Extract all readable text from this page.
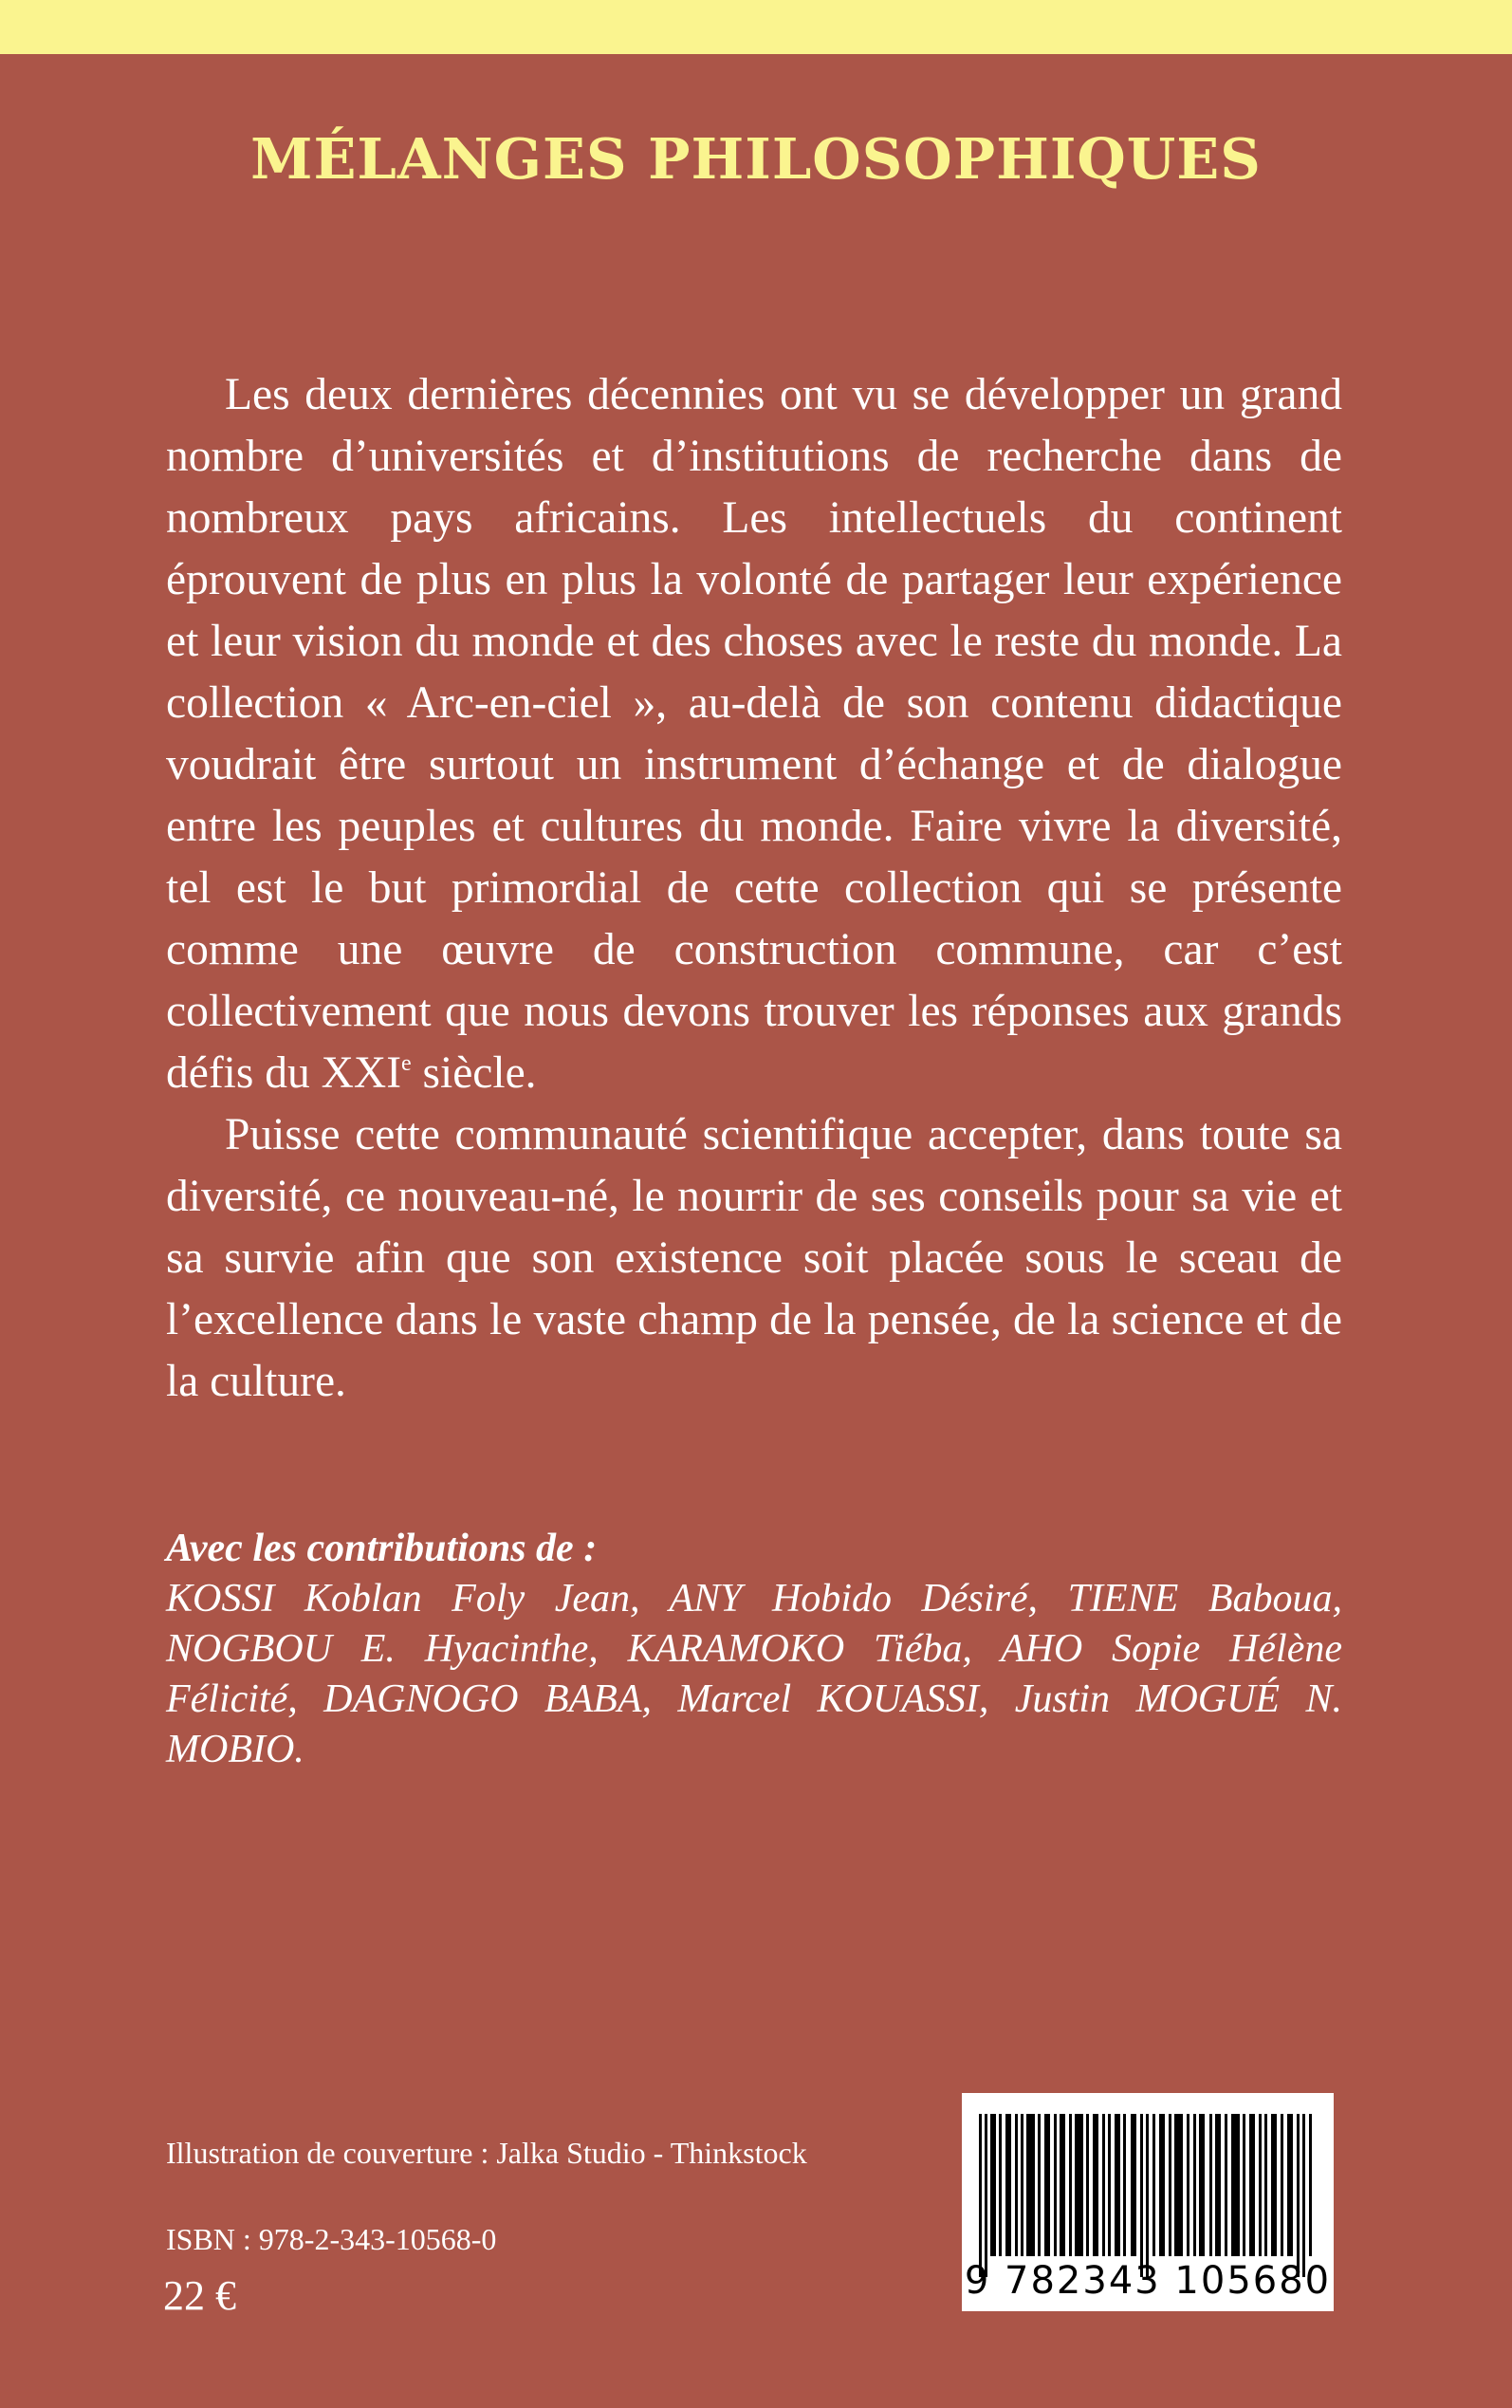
MÉLANGES PHILOSOPHIQUES

Les deux dernières décennies ont vu se développer un grand nombre d’universités et d’institutions de recherche dans de nombreux pays africains. Les intellectuels du continent éprouvent de plus en plus la volonté de partager leur expérience et leur vision du monde et des choses avec le reste du monde. La collection « Arc-en-ciel », au-delà de son contenu didactique voudrait être surtout un instrument d’échange et de dialogue entre les peuples et cultures du monde. Faire vivre la diversité, tel est le but primordial de cette collection qui se présente comme une œuvre de construction commune, car c’est collectivement que nous devons trouver les réponses aux grands défis du XXIe siècle.

Puisse cette communauté scientifique accepter, dans toute sa diversité, ce nouveau-né, le nourrir de ses conseils pour sa vie et sa survie afin que son existence soit placée sous le sceau de l’excellence dans le vaste champ de la pensée, de la science et de la culture.

Avec les contributions de :
KOSSI Koblan Foly Jean, ANY Hobido Désiré, TIENE Baboua, NOGBOU E. Hyacinthe, KARAMOKO Tiéba, AHO Sopie Hélène Félicité, DAGNOGO BABA, Marcel KOUASSI, Justin MOGUÉ N. MOBIO.
Illustration de couverture : Jalka Studio - Thinkstock
ISBN : 978-2-343-10568-0
22 €	9 782343 105680
